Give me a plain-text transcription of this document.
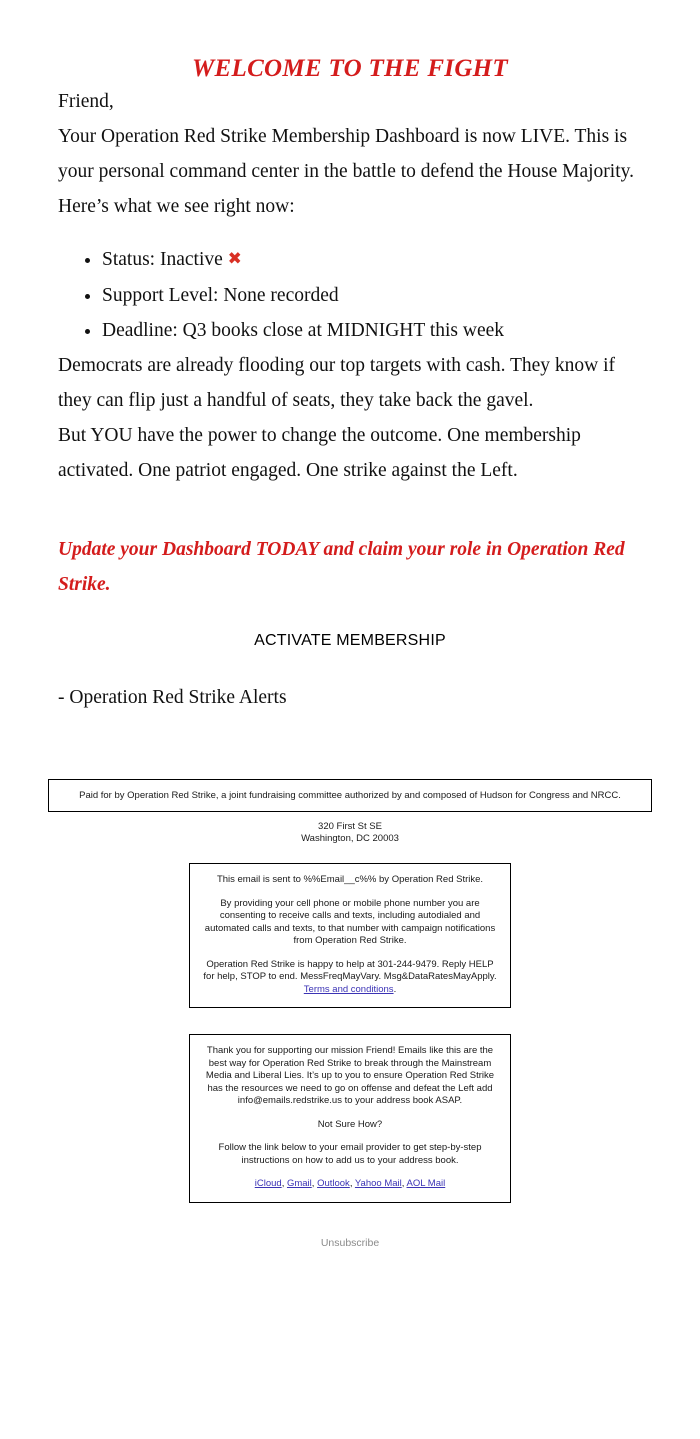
WELCOME TO THE FIGHT

Friend,

Your Operation Red Strike Membership Dashboard is now LIVE. This is your personal command center in the battle to defend the House Majority.

Here’s what we see right now:

• Status: Inactive ✖
• Support Level: None recorded
• Deadline: Q3 books close at MIDNIGHT this week

Democrats are already flooding our top targets with cash. They know if they can flip just a handful of seats, they take back the gavel.

But YOU have the power to change the outcome. One membership activated. One patriot engaged. One strike against the Left.

Update your Dashboard TODAY and claim your role in Operation Red Strike.

ACTIVATE MEMBERSHIP

- Operation Red Strike Alerts

Paid for by Operation Red Strike, a joint fundraising committee authorized by and composed of Hudson for Congress and NRCC.

320 First St SE
Washington, DC 20003

This email is sent to %%Email__c%% by Operation Red Strike.

By providing your cell phone or mobile phone number you are consenting to receive calls and texts, including autodialed and automated calls and texts, to that number with campaign notifications from Operation Red Strike.

Operation Red Strike is happy to help at 301-244-9479. Reply HELP for help, STOP to end. MessFreqMayVary. Msg&DataRatesMayApply. Terms and conditions.

Thank you for supporting our mission Friend! Emails like this are the best way for Operation Red Strike to break through the Mainstream Media and Liberal Lies. It’s up to you to ensure Operation Red Strike has the resources we need to go on offense and defeat the Left add info@emails.redstrike.us to your address book ASAP.

Not Sure How?

Follow the link below to your email provider to get step-by-step instructions on how to add us to your address book.

iCloud, Gmail, Outlook, Yahoo Mail, AOL Mail

Unsubscribe
